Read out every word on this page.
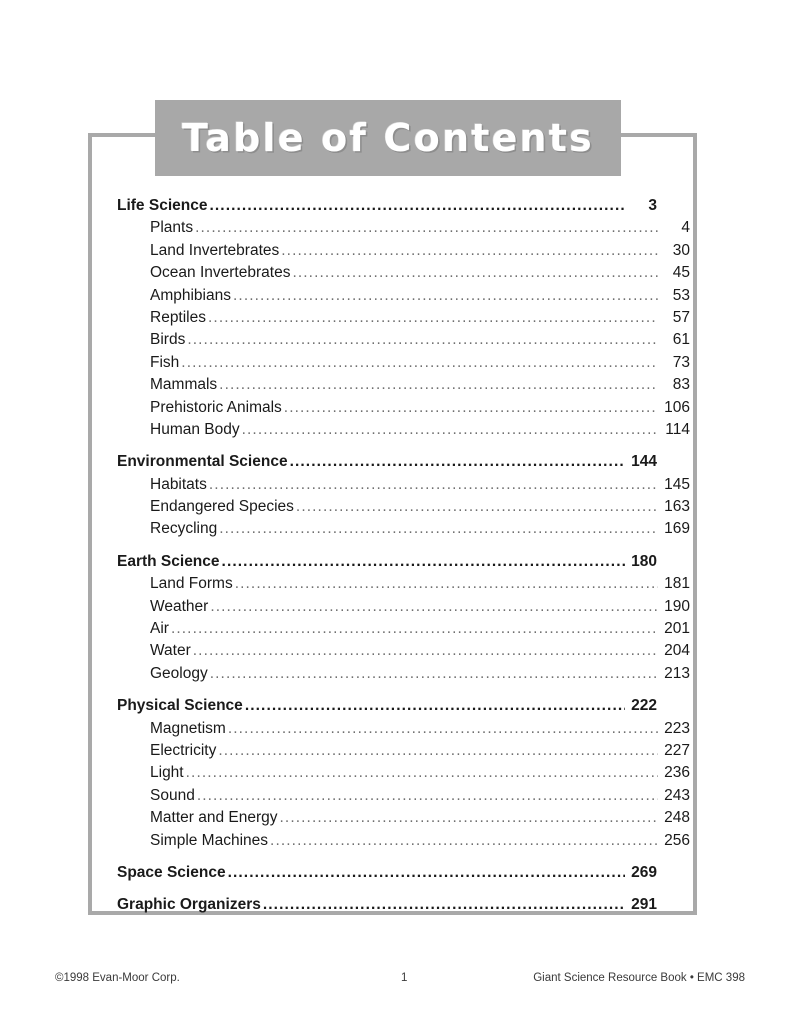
Table of Contents
Life Science .....	3
Plants .....	4
Land Invertebrates .....	30
Ocean Invertebrates .....	45
Amphibians .....	53
Reptiles .....	57
Birds .....	61
Fish .....	73
Mammals .....	83
Prehistoric Animals .....	106
Human Body .....	114
Environmental Science .....	144
Habitats .....	145
Endangered Species .....	163
Recycling .....	169
Earth Science .....	180
Land Forms .....	181
Weather .....	190
Air .....	201
Water .....	204
Geology .....	213
Physical Science .....	222
Magnetism .....	223
Electricity .....	227
Light .....	236
Sound .....	243
Matter and Energy .....	248
Simple Machines .....	256
Space Science .....	269
Graphic Organizers .....	291
©1998 Evan-Moor Corp.	1	Giant Science Resource Book • EMC 398
